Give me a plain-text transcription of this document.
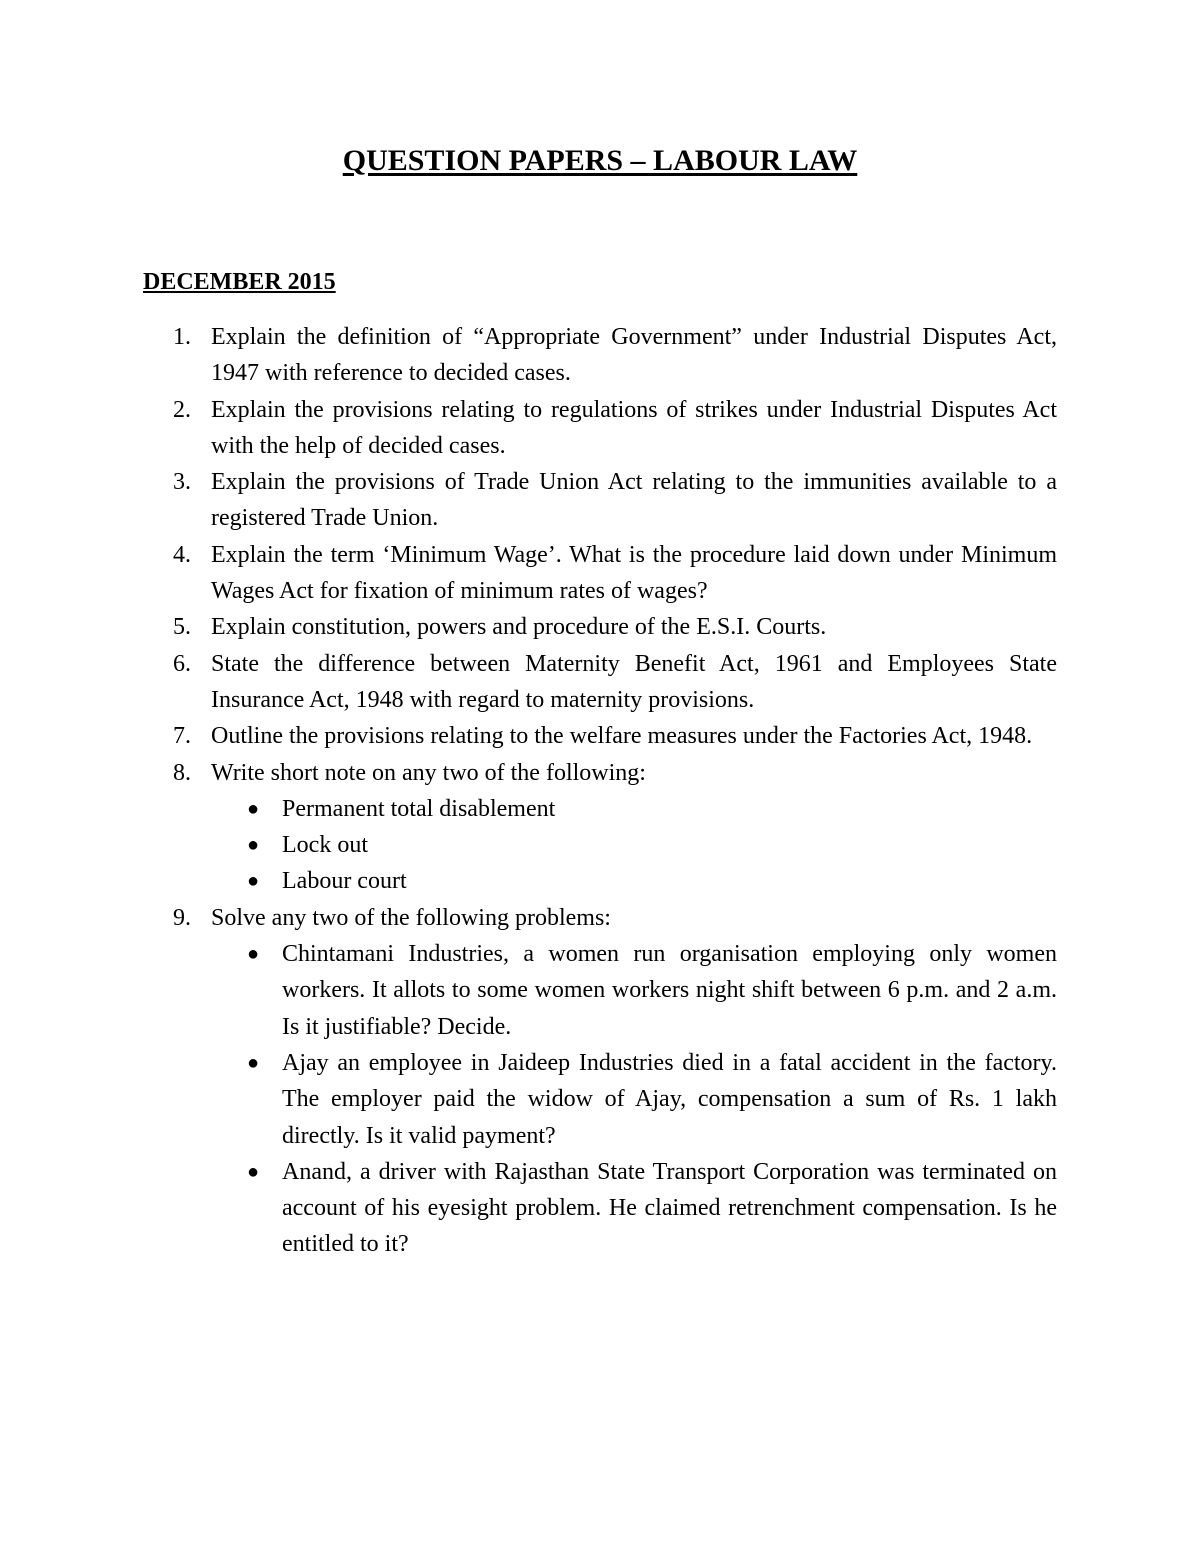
QUESTION PAPERS – LABOUR LAW
DECEMBER 2015
1. Explain the definition of “Appropriate Government” under Industrial Disputes Act, 1947 with reference to decided cases.
2. Explain the provisions relating to regulations of strikes under Industrial Disputes Act with the help of decided cases.
3. Explain the provisions of Trade Union Act relating to the immunities available to a registered Trade Union.
4. Explain the term ‘Minimum Wage’. What is the procedure laid down under Minimum Wages Act for fixation of minimum rates of wages?
5. Explain constitution, powers and procedure of the E.S.I. Courts.
6. State the difference between Maternity Benefit Act, 1961 and Employees State Insurance Act, 1948 with regard to maternity provisions.
7. Outline the provisions relating to the welfare measures under the Factories Act, 1948.
8. Write short note on any two of the following:
● Permanent total disablement
● Lock out
● Labour court
9. Solve any two of the following problems:
● Chintamani Industries, a women run organisation employing only women workers. It allots to some women workers night shift between 6 p.m. and 2 a.m. Is it justifiable? Decide.
● Ajay an employee in Jaideep Industries died in a fatal accident in the factory. The employer paid the widow of Ajay, compensation a sum of Rs. 1 lakh directly. Is it valid payment?
● Anand, a driver with Rajasthan State Transport Corporation was terminated on account of his eyesight problem. He claimed retrenchment compensation. Is he entitled to it?
